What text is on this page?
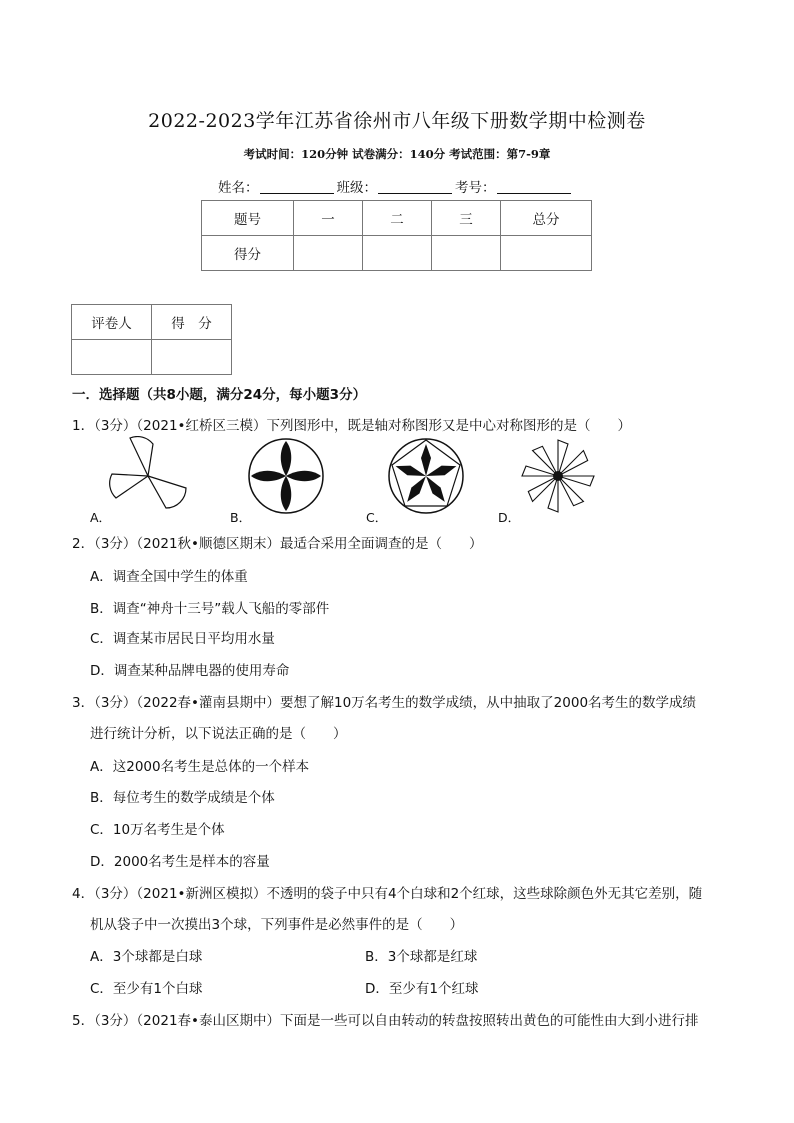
2022-2023学年江苏省徐州市八年级下册数学期中检测卷
考试时间：120分钟 试卷满分：140分 考试范围：第7-9章
姓名：	班级：	考号：
题号	一	二	三	总分
得分				
评卷人	得　分

一．选择题（共8小题，满分24分，每小题3分）
1．（3分）（2021•红桥区三模）下列图形中，既是轴对称图形又是中心对称图形的是（　　）
A．	B．	C．	D．
2．（3分）（2021秋•顺德区期末）最适合采用全面调查的是（　　）
A．调查全国中学生的体重
B．调查“神舟十三号”载人飞船的零部件
C．调查某市居民日平均用水量
D．调查某种品牌电器的使用寿命
3．（3分）（2022春•灌南县期中）要想了解10万名考生的数学成绩，从中抽取了2000名考生的数学成绩
进行统计分析，以下说法正确的是（　　）
A．这2000名考生是总体的一个样本
B．每位考生的数学成绩是个体
C．10万名考生是个体
D．2000名考生是样本的容量
4．（3分）（2021•新洲区模拟）不透明的袋子中只有4个白球和2个红球，这些球除颜色外无其它差别，随
机从袋子中一次摸出3个球，下列事件是必然事件的是（　　）
A．3个球都是白球	B．3个球都是红球
C．至少有1个白球	D．至少有1个红球
5．（3分）（2021春•泰山区期中）下面是一些可以自由转动的转盘按照转出黄色的可能性由大到小进行排
